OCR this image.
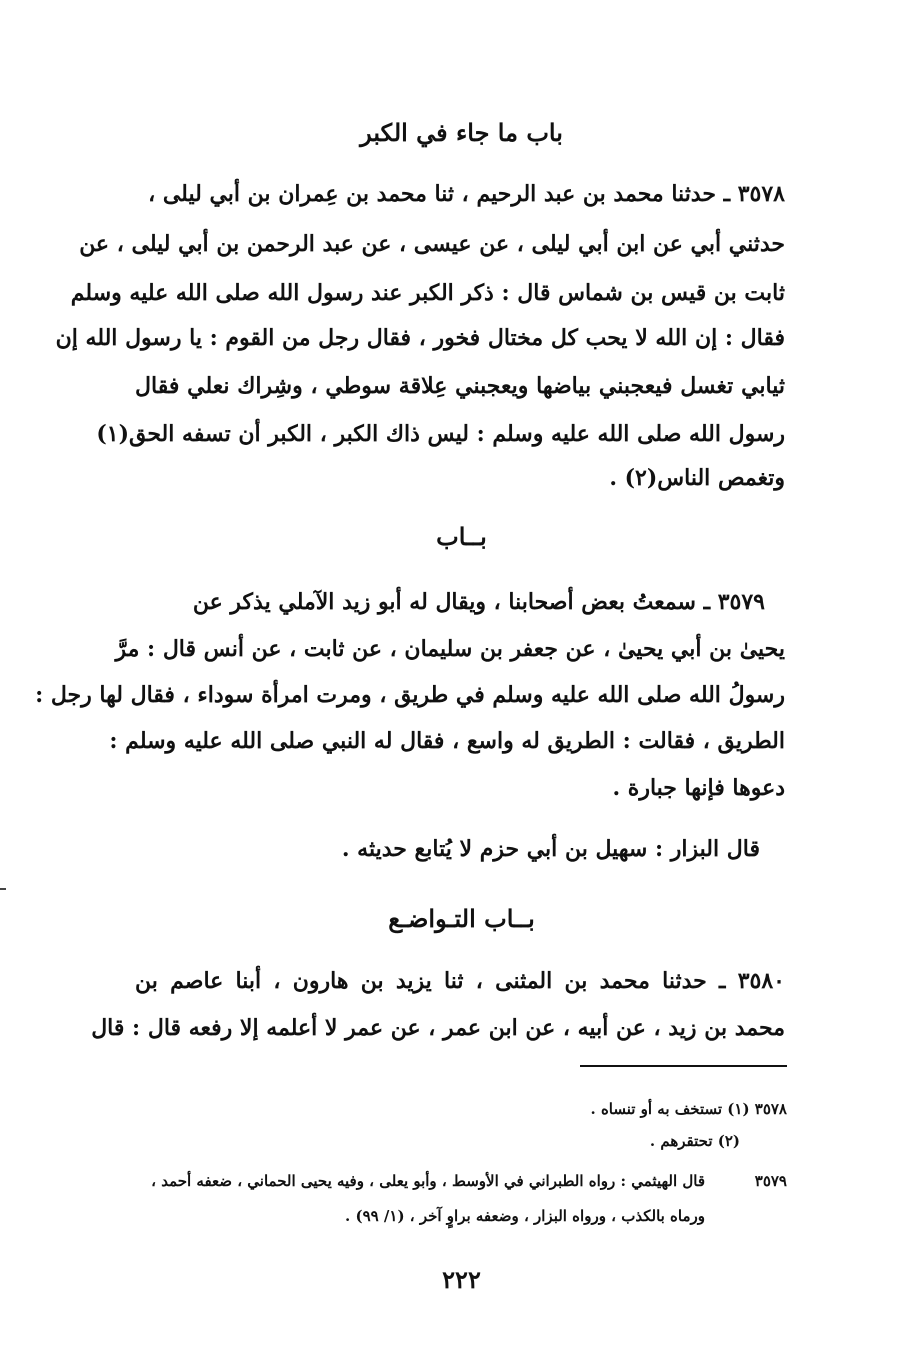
باب ما جاء في الكبر
٣٥٧٨ ـ حدثنا محمد بن عبد الرحيم ، ثنا محمد بن عِمران بن أبي ليلى ،
حدثني أبي عن ابن أبي ليلى ، عن عيسى ، عن عبد الرحمن بن أبي ليلى ، عن
ثابت بن قيس بن شماس قال : ذكر الكبر عند رسول الله صلى الله عليه وسلم
فقال : إن الله لا يحب كل مختال فخور ، فقال رجل من القوم : يا رسول الله إن
ثيابي تغسل فيعجبني بياضها ويعجبني عِلاقة سوطي ، وشِراك نعلي فقال
رسول الله صلى الله عليه وسلم : ليس ذاك الكبر ، الكبر أن تسفه الحق(١)
وتغمص الناس(٢) .
بــاب
٣٥٧٩ ـ سمعتُ بعض أصحابنا ، ويقال له أبو زيد الآملي يذكر عن
يحيىٰ بن أبي يحيىٰ ، عن جعفر بن سليمان ، عن ثابت ، عن أنس قال : مرَّ
رسولُ الله صلى الله عليه وسلم في طريق ، ومرت امرأة سوداء ، فقال لها رجل :
الطريق ، فقالت : الطريق له واسع ، فقال له النبي صلى الله عليه وسلم :
دعوها فإنها جبارة .
قال البزار : سهيل بن أبي حزم لا يُتابع حديثه .
بــاب التـواضـع
٣٥٨٠ ـ حدثنا محمد بن المثنى ، ثنا يزيد بن هارون ، أبنا عاصم بن
محمد بن زيد ، عن أبيه ، عن ابن عمر ، عن عمر لا أعلمه إلا رفعه قال : قال
٣٥٧٨ (١) تستخف به أو تنساه .
(٢) تحتقرهم .
٣٥٧٩
قال الهيثمي : رواه الطبراني في الأوسط ، وأبو يعلى ، وفيه يحيى الحماني ، ضعفه أحمد ،
ورماه بالكذب ، ورواه البزار ، وضعفه براوٍ آخر ، (١/ ٩٩) .
٢٢٢
